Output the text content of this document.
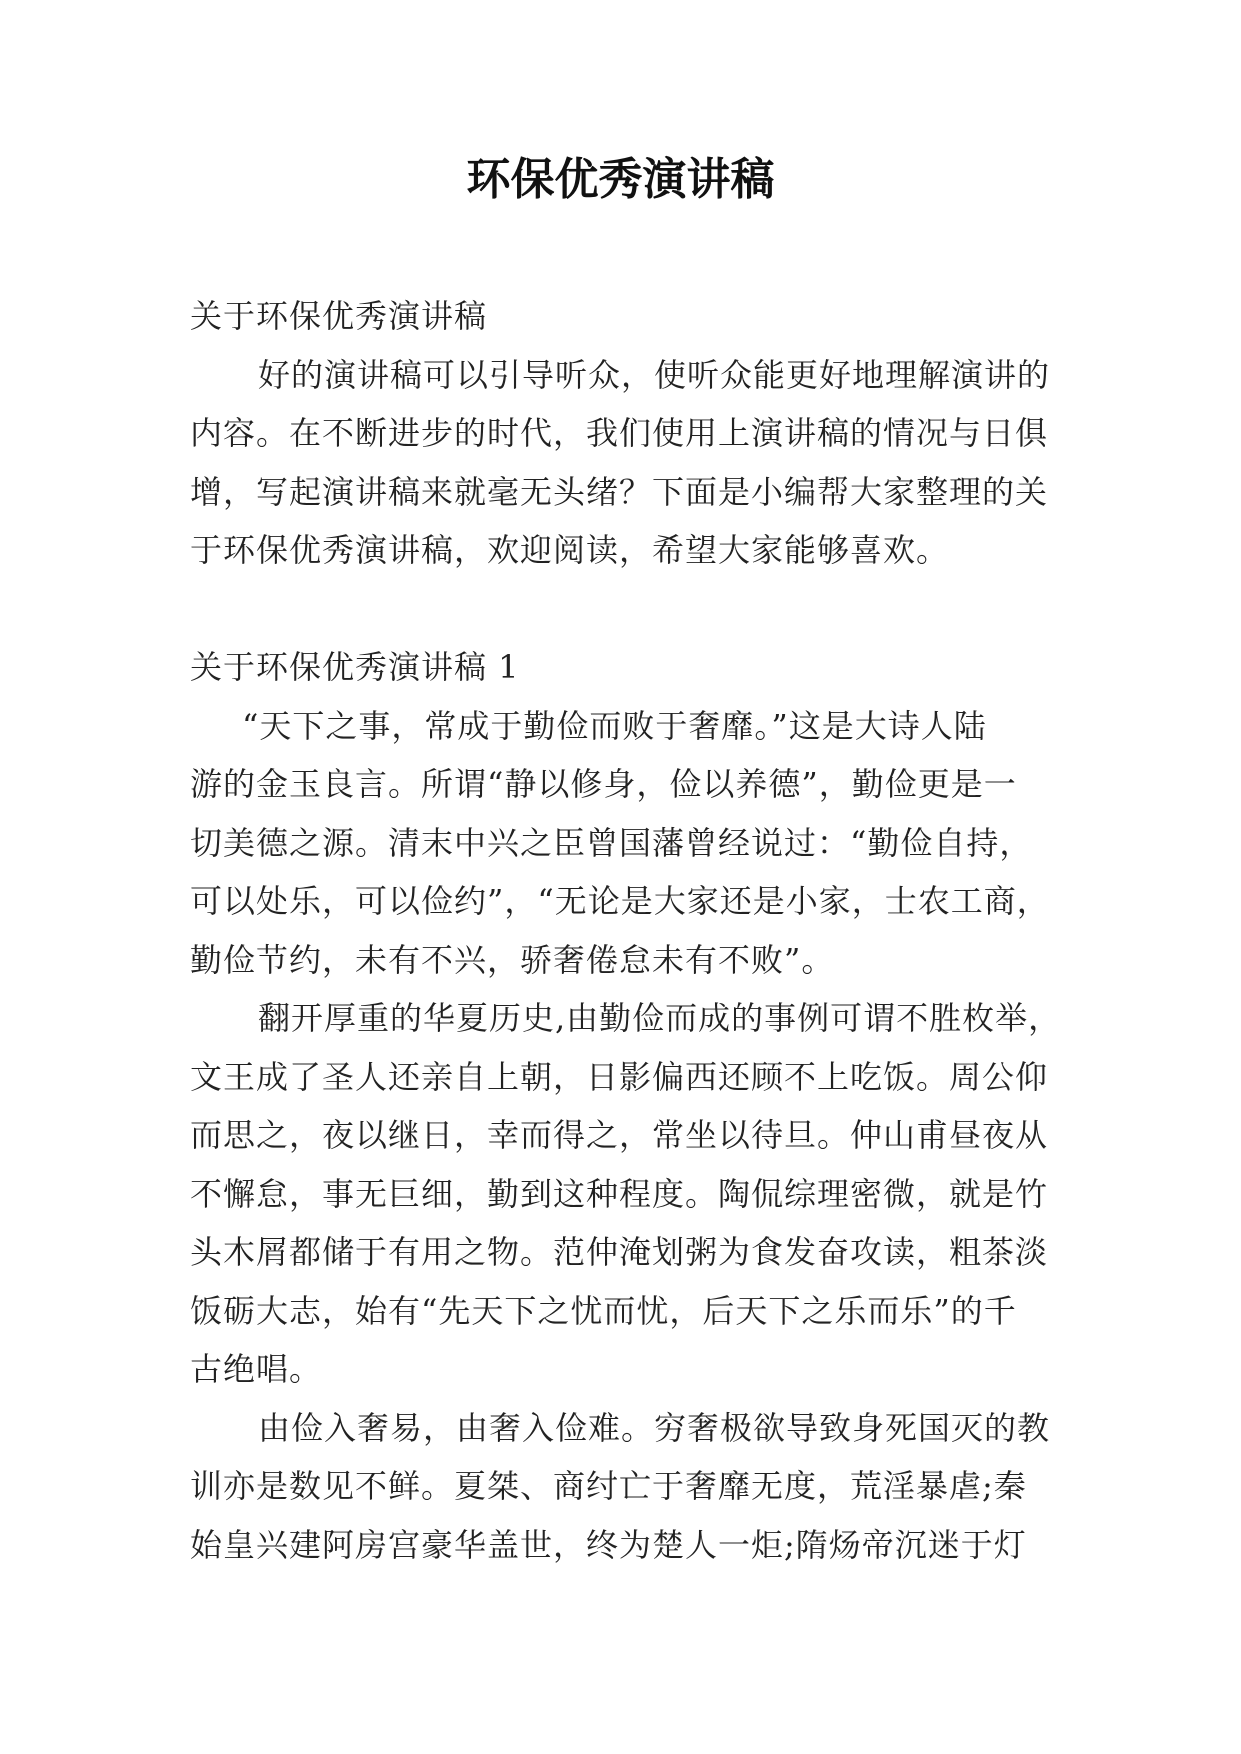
环保优秀演讲稿
关于环保优秀演讲稿
好的演讲稿可以引导听众，使听众能更好地理解演讲的
内容。在不断进步的时代，我们使用上演讲稿的情况与日俱
增，写起演讲稿来就毫无头绪？下面是小编帮大家整理的关
于环保优秀演讲稿，欢迎阅读，希望大家能够喜欢。
关于环保优秀演讲稿 1
“天下之事，常成于勤俭而败于奢靡。”这是大诗人陆
游的金玉良言。所谓“静以修身，俭以养德”，勤俭更是一
切美德之源。清末中兴之臣曾国藩曾经说过：“勤俭自持，
可以处乐，可以俭约”，“无论是大家还是小家，士农工商，
勤俭节约，未有不兴，骄奢倦怠未有不败”。
翻开厚重的华夏历史,由勤俭而成的事例可谓不胜枚举，
文王成了圣人还亲自上朝，日影偏西还顾不上吃饭。周公仰
而思之，夜以继日，幸而得之，常坐以待旦。仲山甫昼夜从
不懈怠，事无巨细，勤到这种程度。陶侃综理密微，就是竹
头木屑都储于有用之物。范仲淹划粥为食发奋攻读，粗茶淡
饭砺大志，始有“先天下之忧而忧，后天下之乐而乐”的千
古绝唱。
由俭入奢易，由奢入俭难。穷奢极欲导致身死国灭的教
训亦是数见不鲜。夏桀、商纣亡于奢靡无度，荒淫暴虐;秦
始皇兴建阿房宫豪华盖世，终为楚人一炬;隋炀帝沉迷于灯
